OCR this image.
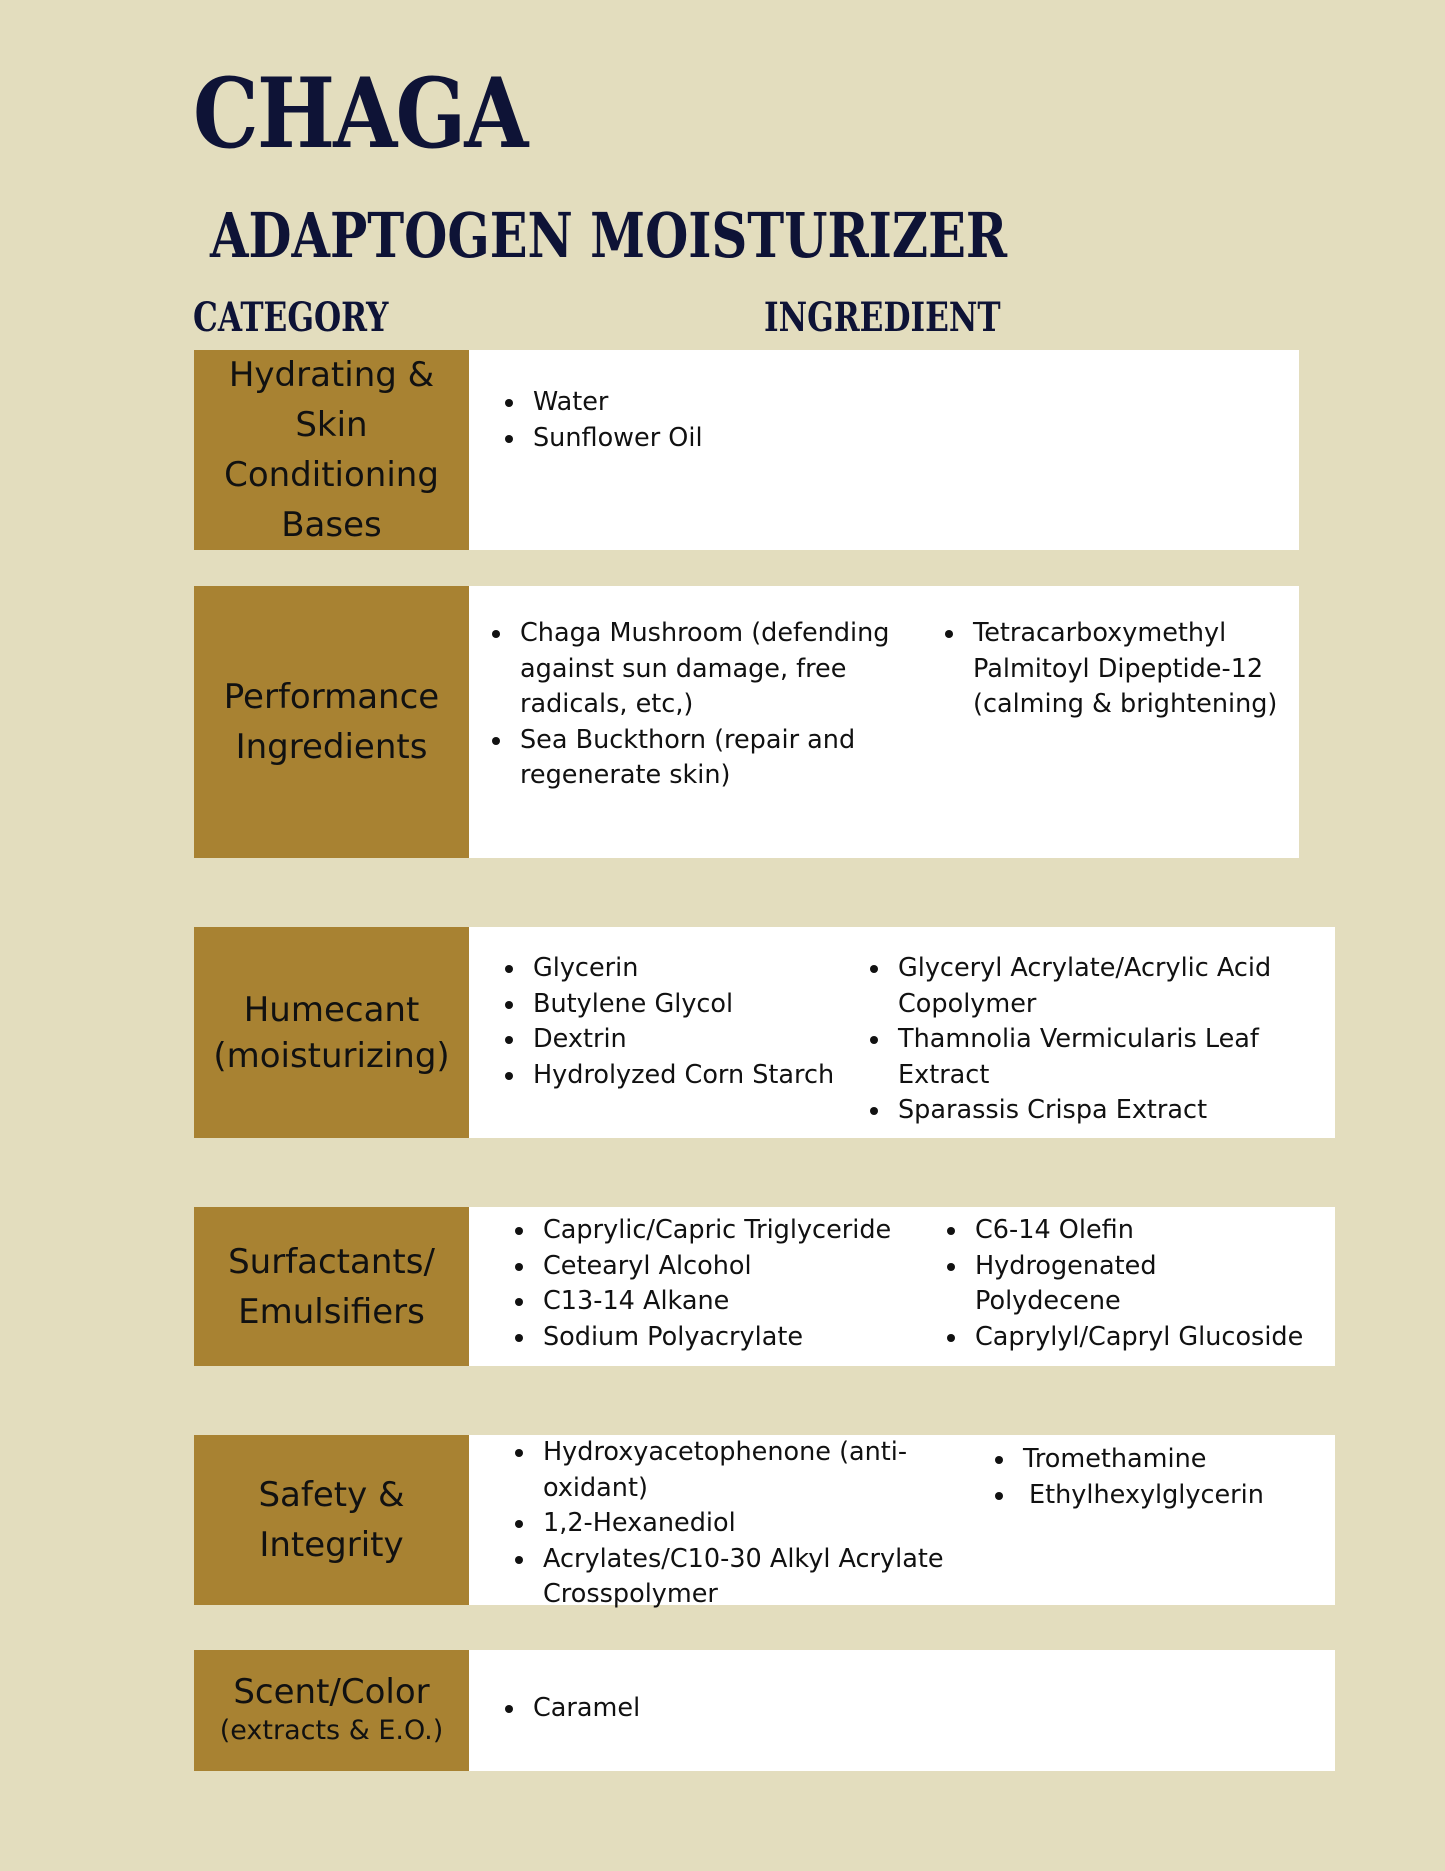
CHAGA
ADAPTOGEN MOISTURIZER
CATEGORY	INGREDIENT
Hydrating &
Skin
Conditioning
Bases
Water
Sunflower Oil
Performance
Ingredients
Chaga Mushroom (defending against sun damage, free radicals, etc,)
Sea Buckthorn (repair and regenerate skin)
Tetracarboxymethyl Palmitoyl Dipeptide-12 (calming & brightening)
Humecant
(moisturizing)
Glycerin
Butylene Glycol
Dextrin
Hydrolyzed Corn Starch
Glyceryl Acrylate/Acrylic Acid Copolymer
Thamnolia Vermicularis Leaf Extract
Sparassis Crispa Extract
Surfactants/
Emulsifiers
Caprylic/Capric Triglyceride
Cetearyl Alcohol
C13-14 Alkane
Sodium Polyacrylate
C6-14 Olefin
Hydrogenated Polydecene
Caprylyl/Capryl Glucoside
Safety &
Integrity
Hydroxyacetophenone (anti-oxidant)
1,2-Hexanediol
Acrylates/C10-30 Alkyl Acrylate Crosspolymer
Tromethamine
Ethylhexylglycerin
Scent/Color
(extracts & E.O.)
Caramel
